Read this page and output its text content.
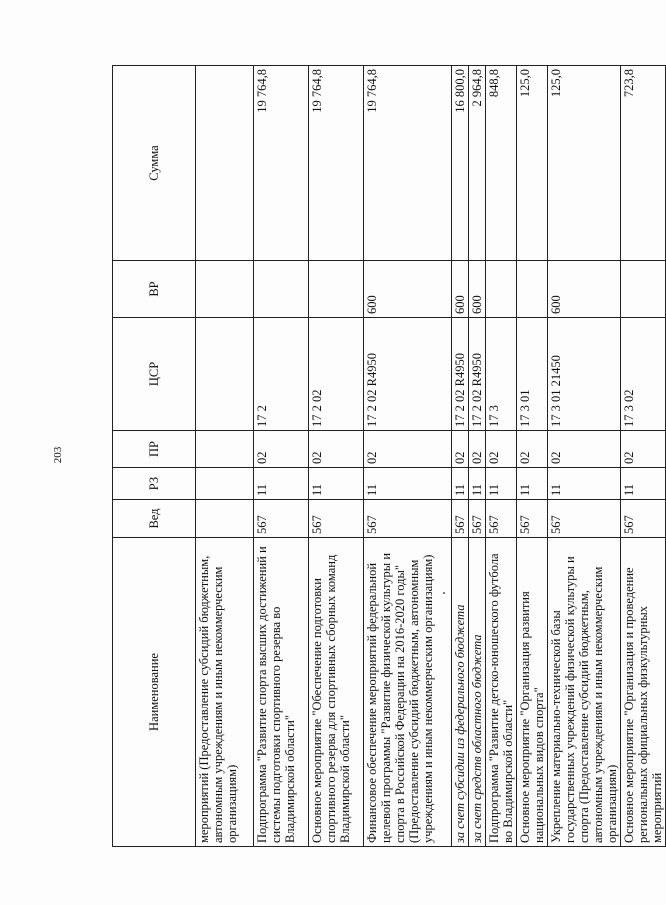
203
Наименование	Вед	РЗ	ПР	ЦСР	ВР	Сумма
мероприятий (Предоставление субсидий бюджетным, автономным учреждениям и иным некоммерческим организациям)						
Подпрограмма "Развитие спорта высших достижений и системы подготовки спортивного резерва во Владимирской области"	567	11	02	17 2		19 764,8
Основное мероприятие "Обеспечение подготовки спортивного резерва для спортивных сборных команд Владимирской области"	567	11	02	17 2 02		19 764,8
Финансовое обеспечение мероприятий федеральной целевой программы "Развитие физической культуры и спорта в Российской Федерации на 2016-2020 годы" (Предоставление субсидий бюджетным, автономным учреждениям и иным некоммерческим организациям)	567	11	02	17 2 02 R4950	600	19 764,8
за счет субсидии из федерального бюджета	567	11	02	17 2 02 R4950	600	16 800,0
за счет средств областного бюджета	567	11	02	17 2 02 R4950	600	2 964,8
Подпрограмма "Развитие детско-юношеского футбола во Владимирской области"	567	11	02	17 3		848,8
Основное мероприятие "Организация развития национальных видов спорта"	567	11	02	17 3 01		125,0
Укрепление материально-технической базы государственных учреждений физической культуры и спорта (Предоставление субсидий бюджетным, автономным учреждениям и иным некоммерческим организациям)	567	11	02	17 3 01 21450	600	125,0
Основное мероприятие "Организация и проведение региональных официальных физкультурных мероприятий	567	11	02	17 3 02		723,8
